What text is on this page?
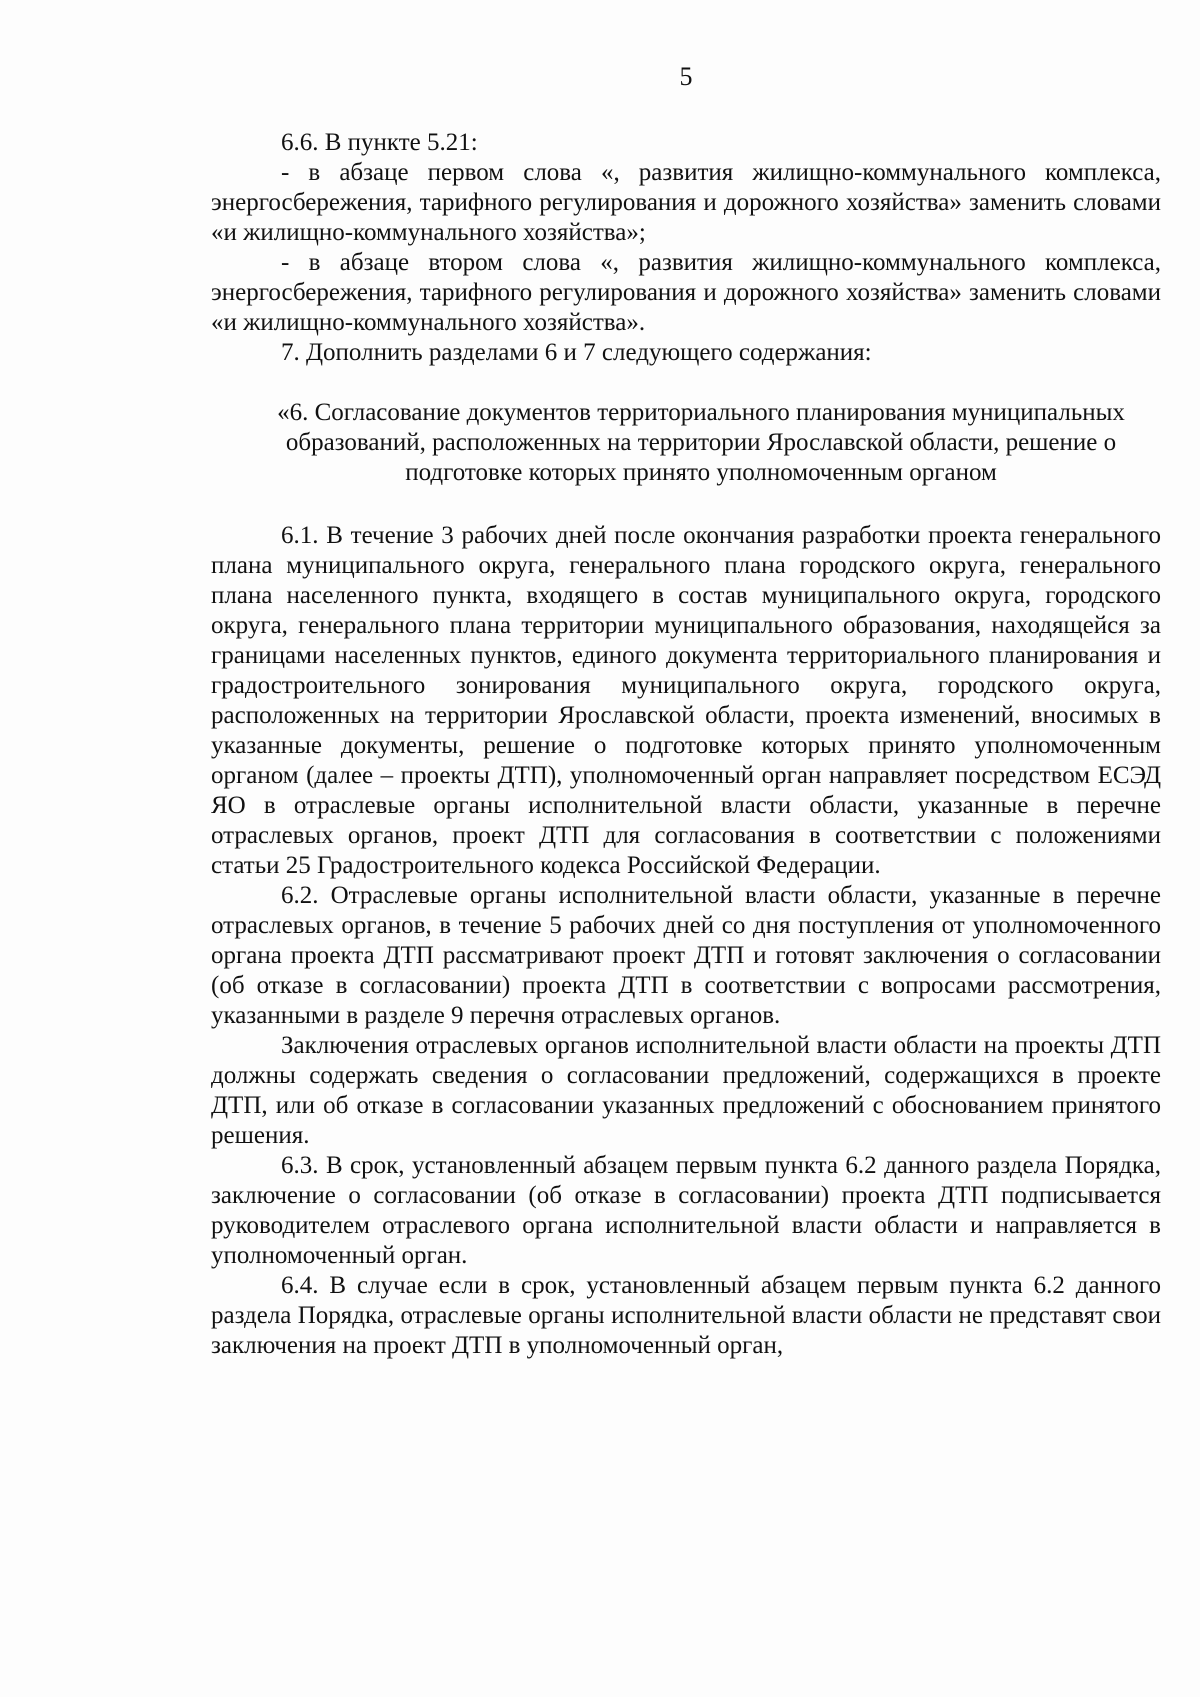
5

6.6. В пункте 5.21:

- в абзаце первом слова «, развития жилищно-коммунального комплекса, энергосбережения, тарифного регулирования и дорожного хозяйства» заменить словами «и жилищно-коммунального хозяйства»;

- в абзаце втором слова «, развития жилищно-коммунального комплекса, энергосбережения, тарифного регулирования и дорожного хозяйства» заменить словами «и жилищно-коммунального хозяйства».

7. Дополнить разделами 6 и 7 следующего содержания:

«6. Согласование документов территориального планирования муниципальных образований, расположенных на территории Ярославской области, решение о подготовке которых принято уполномоченным органом

6.1. В течение 3 рабочих дней после окончания разработки проекта генерального плана муниципального округа, генерального плана городского округа, генерального плана населенного пункта, входящего в состав муниципального округа, городского округа, генерального плана территории муниципального образования, находящейся за границами населенных пунктов, единого документа территориального планирования и градостроительного зонирования муниципального округа, городского округа, расположенных на территории Ярославской области, проекта изменений, вносимых в указанные документы, решение о подготовке которых принято уполномоченным органом (далее – проекты ДТП), уполномоченный орган направляет посредством ЕСЭД ЯО в отраслевые органы исполнительной власти области, указанные в перечне отраслевых органов, проект ДТП для согласования в соответствии с положениями статьи 25 Градостроительного кодекса Российской Федерации.

6.2. Отраслевые органы исполнительной власти области, указанные в перечне отраслевых органов, в течение 5 рабочих дней со дня поступления от уполномоченного органа проекта ДТП рассматривают проект ДТП и готовят заключения о согласовании (об отказе в согласовании) проекта ДТП в соответствии с вопросами рассмотрения, указанными в разделе 9 перечня отраслевых органов.

Заключения отраслевых органов исполнительной власти области на проекты ДТП должны содержать сведения о согласовании предложений, содержащихся в проекте ДТП, или об отказе в согласовании указанных предложений с обоснованием принятого решения.

6.3. В срок, установленный абзацем первым пункта 6.2 данного раздела Порядка, заключение о согласовании (об отказе в согласовании) проекта ДТП подписывается руководителем отраслевого органа исполнительной власти области и направляется в уполномоченный орган.

6.4. В случае если в срок, установленный абзацем первым пункта 6.2 данного раздела Порядка, отраслевые органы исполнительной власти области не представят свои заключения на проект ДТП в уполномоченный орган,
